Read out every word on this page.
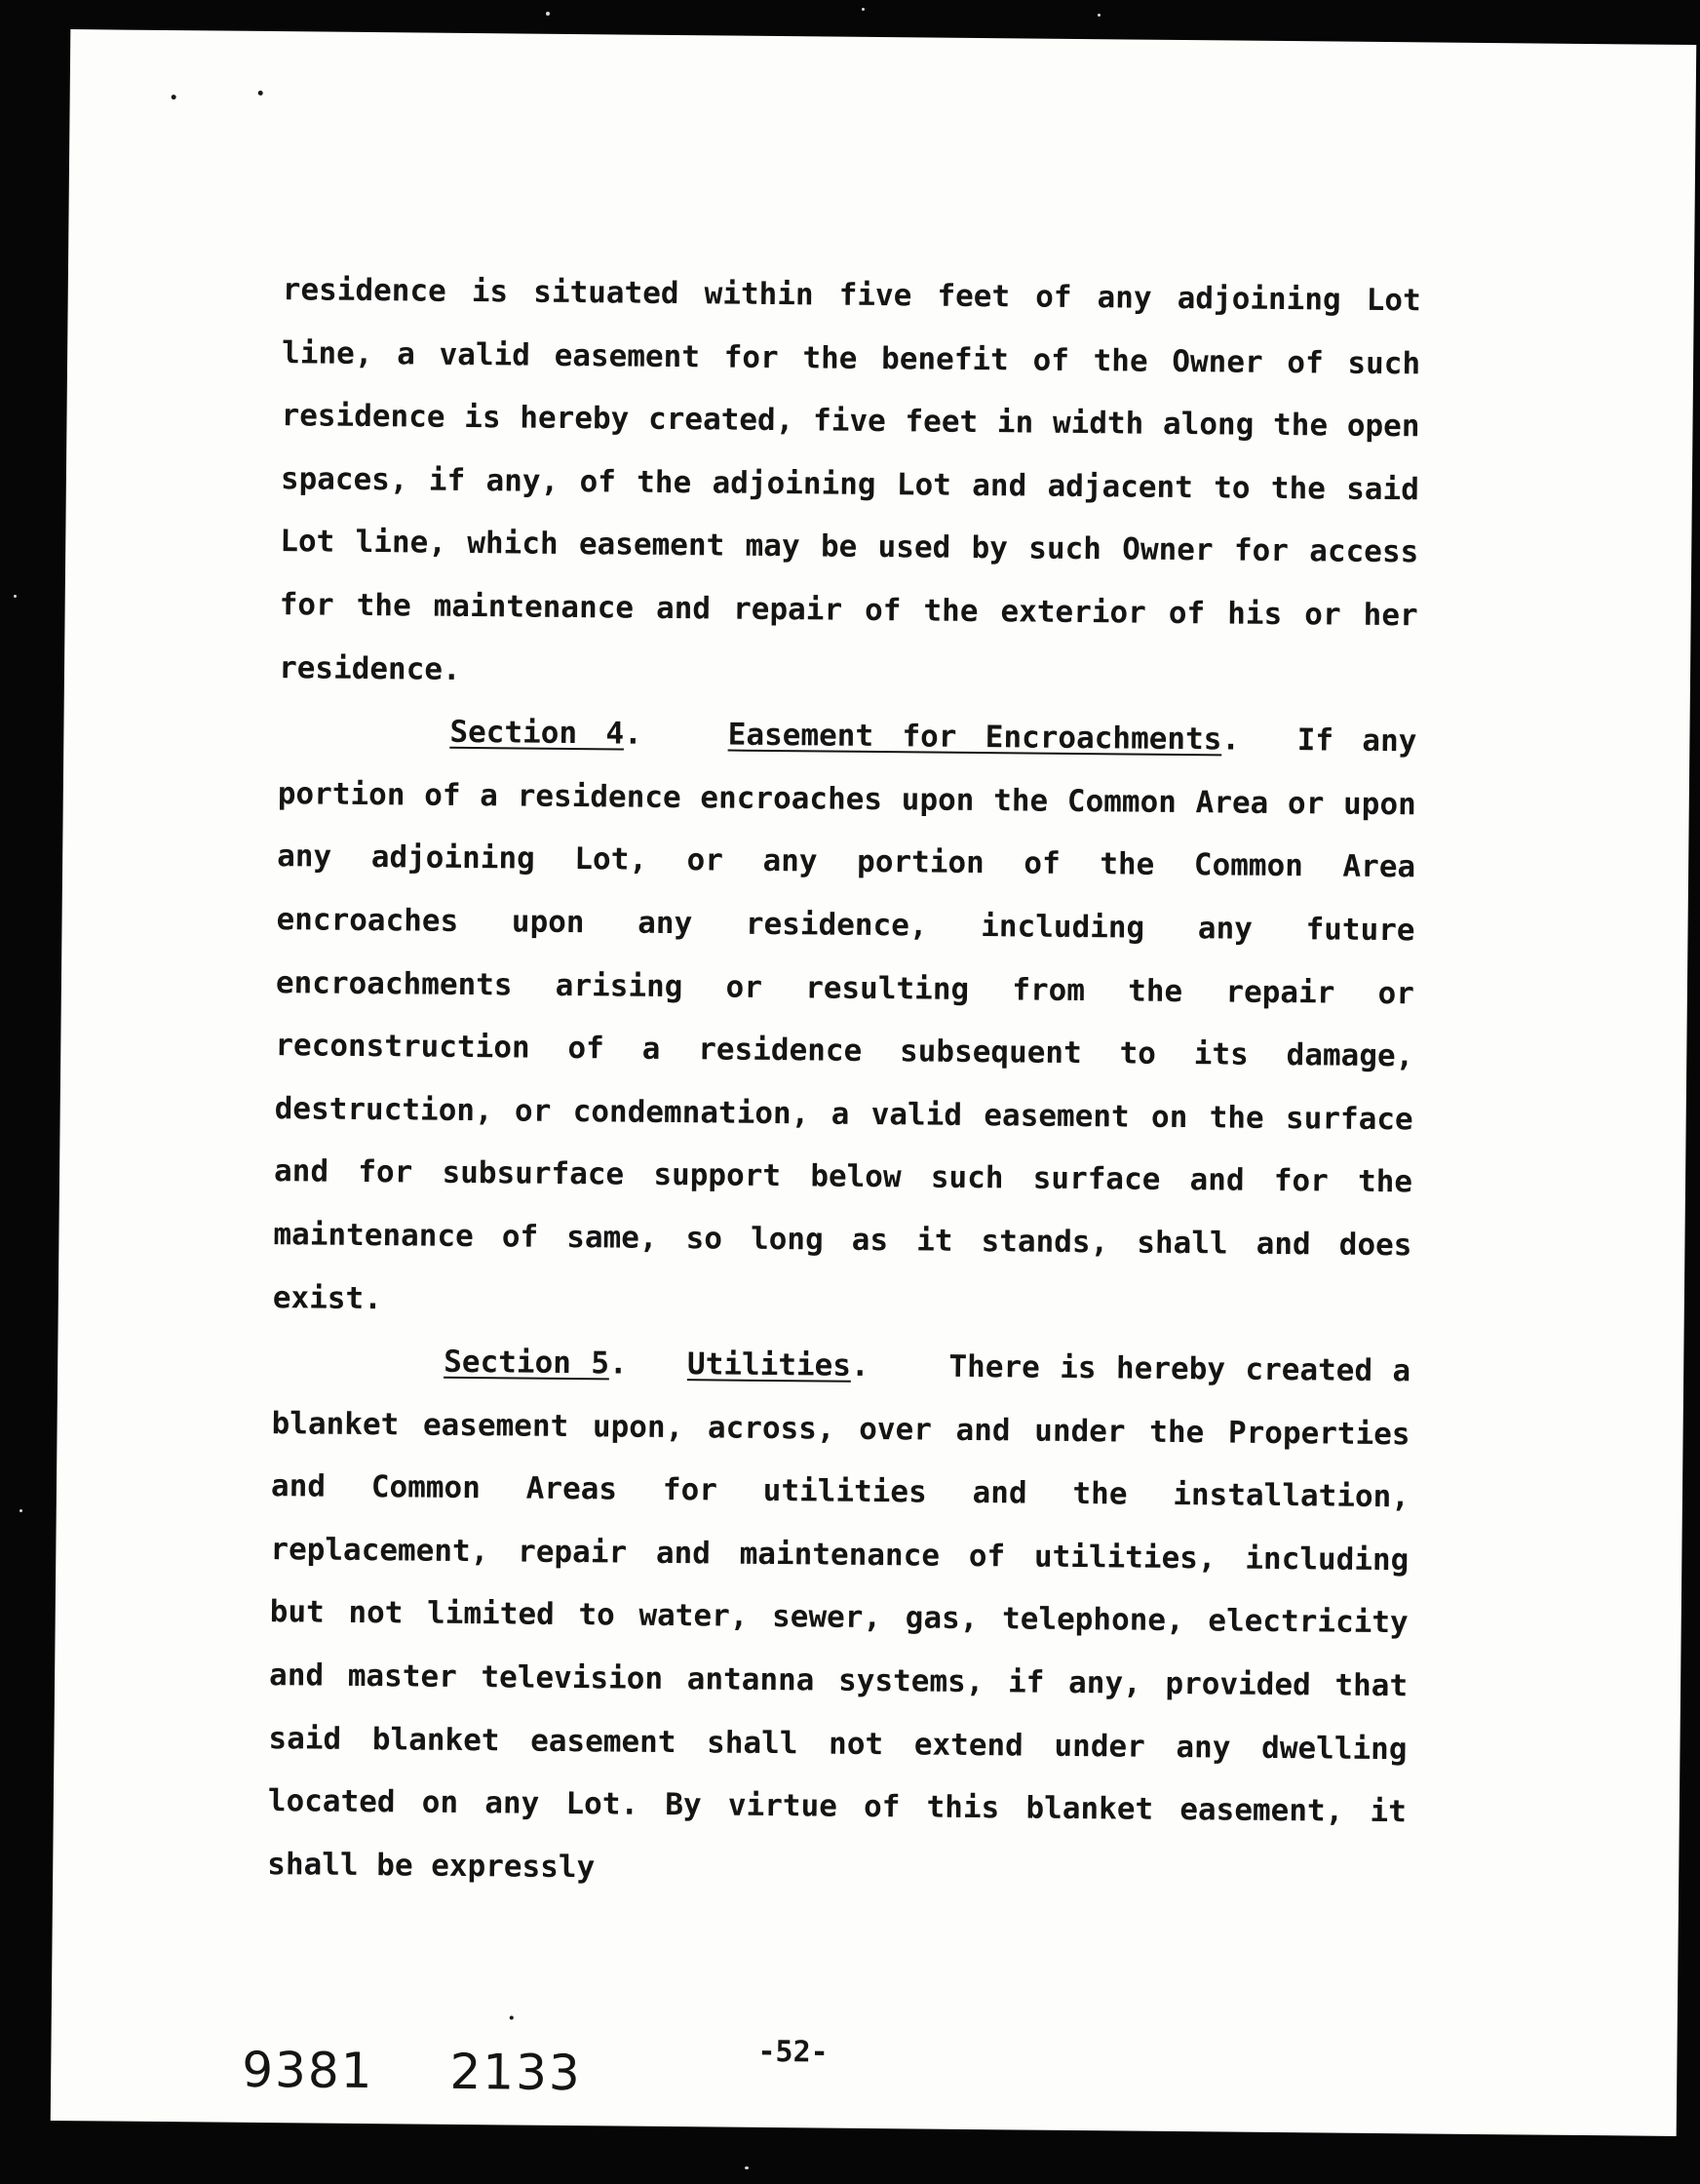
residence is situated within five feet of any adjoining Lot line, a valid easement for the benefit of the Owner of such residence is hereby created, five feet in width along the open spaces, if any, of the adjoining Lot and adjacent to the said Lot line, which easement may be used by such Owner for access for the maintenance and repair of the exterior of his or her residence.

Section 4.   Easement for Encroachments.  If any portion of a residence encroaches upon the Common Area or upon any adjoining Lot, or any portion of the Common Area encroaches upon any residence, including any future encroachments arising or resulting from the repair or reconstruction of a residence subsequent to its damage, destruction, or condemnation, a valid easement on the surface and for subsurface support below such surface and for the maintenance of same, so long as it stands, shall and does exist.

Section 5.   Utilities.    There is hereby created a blanket easement upon, across, over and under the Properties and Common Areas for utilities and the installation, replacement, repair and maintenance of utilities, including but not limited to water, sewer, gas, telephone, electricity and master television antanna systems, if any, provided that said blanket easement shall not extend under any dwelling located on any Lot. By virtue of this blanket easement, it shall be expressly

9381 2133	-52-
